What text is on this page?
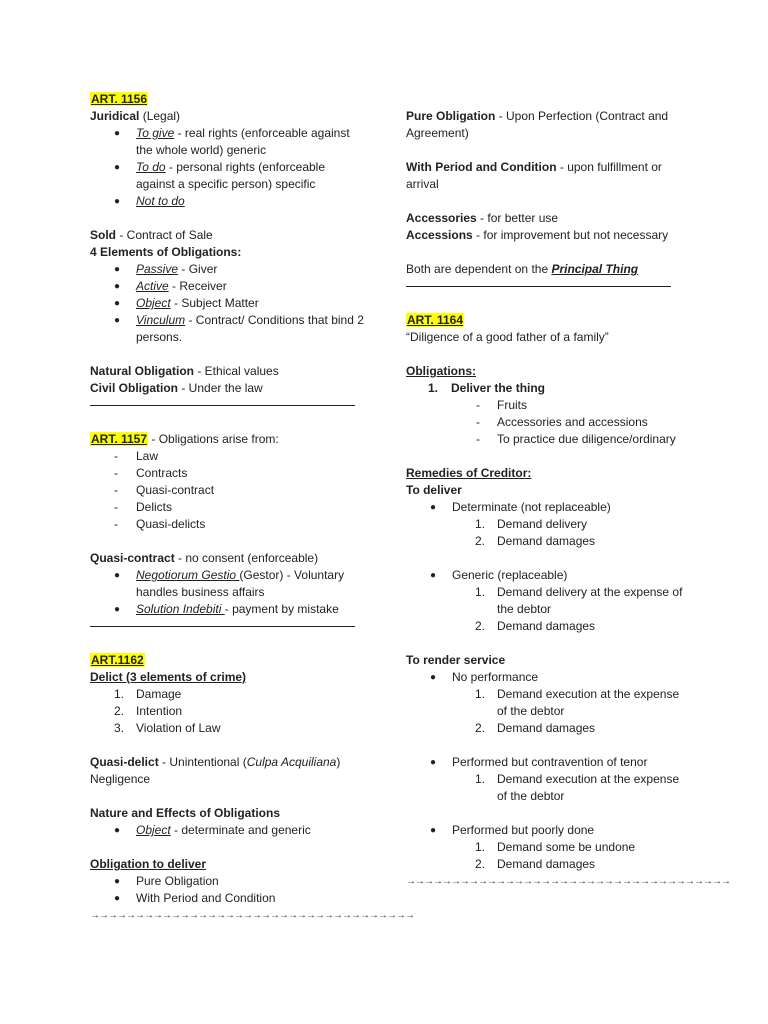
ART. 1156
Juridical (Legal)
● To give - real rights (enforceable against the whole world) generic
● To do - personal rights (enforceable against a specific person) specific
● Not to do
Sold - Contract of Sale
4 Elements of Obligations:
● Passive - Giver
● Active - Receiver
● Object - Subject Matter
● Vinculum - Contract/ Conditions that bind 2 persons.
Natural Obligation - Ethical values
Civil Obligation - Under the law
ART. 1157 - Obligations arise from:
- Law
- Contracts
- Quasi-contract
- Delicts
- Quasi-delicts
Quasi-contract - no consent (enforceable)
● Negotiorum Gestio (Gestor) - Voluntary handles business affairs
● Solution Indebiti - payment by mistake
ART.1162
Delict (3 elements of crime)
1. Damage
2. Intention
3. Violation of Law
Quasi-delict - Unintentional (Culpa Acquiliana)
Negligence
Nature and Effects of Obligations
● Object - determinate and generic
Obligation to deliver
● Pure Obligation
● With Period and Condition
→→→→→→→→→→→→→→→→→→→→→→→→→→→→→→→→→→→→
Pure Obligation - Upon Perfection (Contract and Agreement)
With Period and Condition - upon fulfillment or arrival
Accessories - for better use
Accessions - for improvement but not necessary
Both are dependent on the Principal Thing
ART. 1164
“Diligence of a good father of a family”
Obligations:
1. Deliver the thing
- Fruits
- Accessories and accessions
- To practice due diligence/ordinary
Remedies of Creditor:
To deliver
● Determinate (not replaceable)
1. Demand delivery
2. Demand damages
● Generic (replaceable)
1. Demand delivery at the expense of the debtor
2. Demand damages
To render service
● No performance
1. Demand execution at the expense of the debtor
2. Demand damages
● Performed but contravention of tenor
1. Demand execution at the expense of the debtor
● Performed but poorly done
1. Demand some be undone
2. Demand damages
→→→→→→→→→→→→→→→→→→→→→→→→→→→→→→→→→→→→
